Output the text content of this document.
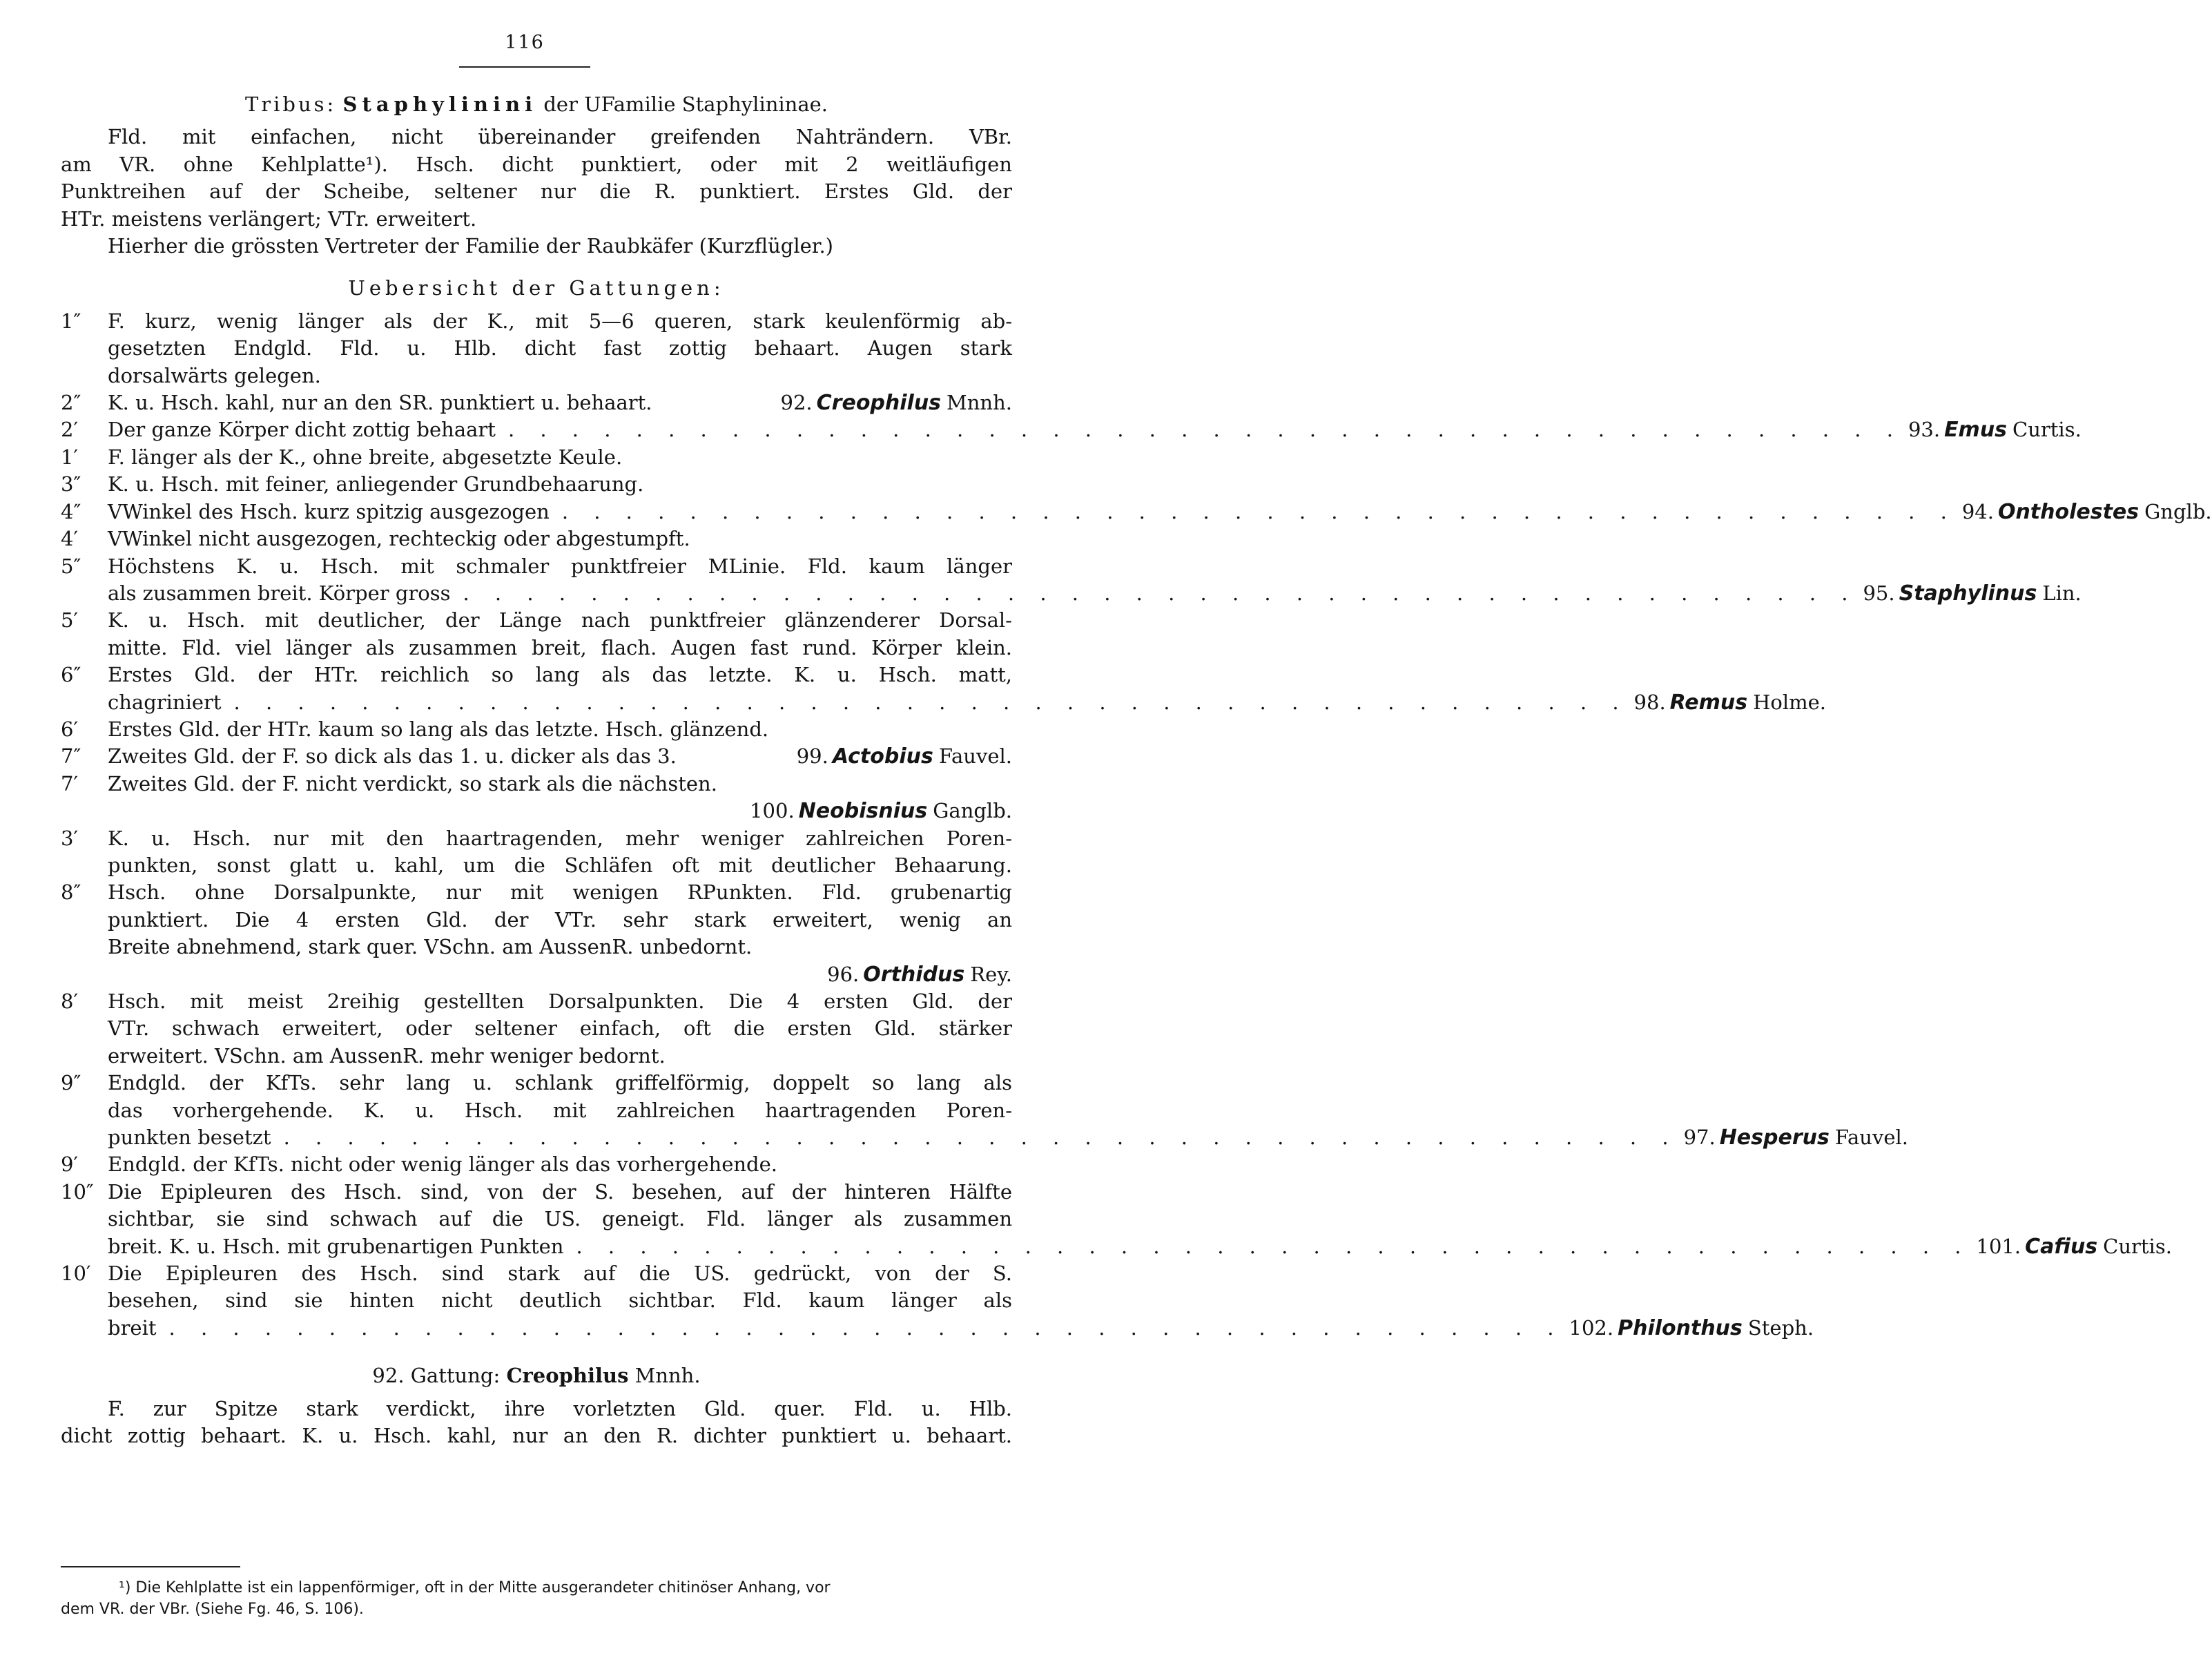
116
Tribus: Staphylinini der UFamilie Staphylininae.
Fld. mit einfachen, nicht übereinander greifenden Nahträndern. VBr.
am VR. ohne Kehlplatte¹). Hsch. dicht punktiert, oder mit 2 weitläufigen
Punktreihen auf der Scheibe, seltener nur die R. punktiert. Erstes Gld. der
HTr. meistens verlängert; VTr. erweitert.
Hierher die grössten Vertreter der Familie der Raubkäfer (Kurzflügler.)
Uebersicht der Gattungen:
1″ F. kurz, wenig länger als der K., mit 5—6 queren, stark keulenförmig ab-
gesetzten Endgld. Fld. u. Hlb. dicht fast zottig behaart. Augen stark
dorsalwärts gelegen.
2″ K. u. Hsch. kahl, nur an den SR. punktiert u. behaart.	92. Creophilus Mnnh.
2′ Der ganze Körper dicht zottig behaart . . . . . . . . . . . . . . . . . . . . . . . . . . . . . . . . . . . . . . . . . . . . 93. Emus Curtis.
1′ F. länger als der K., ohne breite, abgesetzte Keule.
3″ K. u. Hsch. mit feiner, anliegender Grundbehaarung.
4″ VWinkel des Hsch. kurz spitzig ausgezogen . . . . . . . . . . . . . . . . . . . . . . . . . . . . . . . . . . . . . . . . . . . . 94. Ontholestes Gnglb.
4′ VWinkel nicht ausgezogen, rechteckig oder abgestumpft.
5″ Höchstens K. u. Hsch. mit schmaler punktfreier MLinie. Fld. kaum länger
als zusammen breit. Körper gross . . . . . . . . . . . . . . . . . . . . . . . . . . . . . . . . . . . . . . . . . . . . 95. Staphylinus Lin.
5′ K. u. Hsch. mit deutlicher, der Länge nach punktfreier glänzenderer Dorsal-
mitte. Fld. viel länger als zusammen breit, flach. Augen fast rund. Körper klein.
6″ Erstes Gld. der HTr. reichlich so lang als das letzte. K. u. Hsch. matt,
chagriniert . . . . . . . . . . . . . . . . . . . . . . . . . . . . . . . . . . . . . . . . . . . . 98. Remus Holme.
6′ Erstes Gld. der HTr. kaum so lang als das letzte. Hsch. glänzend.
7″ Zweites Gld. der F. so dick als das 1. u. dicker als das 3.	99. Actobius Fauvel.
7′ Zweites Gld. der F. nicht verdickt, so stark als die nächsten.
100. Neobisnius Ganglb.
3′ K. u. Hsch. nur mit den haartragenden, mehr weniger zahlreichen Poren-
punkten, sonst glatt u. kahl, um die Schläfen oft mit deutlicher Behaarung.
8″ Hsch. ohne Dorsalpunkte, nur mit wenigen RPunkten. Fld. grubenartig
punktiert. Die 4 ersten Gld. der VTr. sehr stark erweitert, wenig an
Breite abnehmend, stark quer. VSchn. am AussenR. unbedornt.
96. Orthidus Rey.
8′ Hsch. mit meist 2reihig gestellten Dorsalpunkten. Die 4 ersten Gld. der
VTr. schwach erweitert, oder seltener einfach, oft die ersten Gld. stärker
erweitert. VSchn. am AussenR. mehr weniger bedornt.
9″ Endgld. der KfTs. sehr lang u. schlank griffelförmig, doppelt so lang als
das vorhergehende. K. u. Hsch. mit zahlreichen haartragenden Poren-
punkten besetzt . . . . . . . . . . . . . . . . . . . . . . . . . . . . . . . . . . . . . . . . . . . . 97. Hesperus Fauvel.
9′ Endgld. der KfTs. nicht oder wenig länger als das vorhergehende.
10″ Die Epipleuren des Hsch. sind, von der S. besehen, auf der hinteren Hälfte
sichtbar, sie sind schwach auf die US. geneigt. Fld. länger als zusammen
breit. K. u. Hsch. mit grubenartigen Punkten . . . . . . . . . . . . . . . . . . . . . . . . . . . . . . . . . . . . . . . . . . . . 101. Cafius Curtis.
10′ Die Epipleuren des Hsch. sind stark auf die US. gedrückt, von der S.
besehen, sind sie hinten nicht deutlich sichtbar. Fld. kaum länger als
breit . . . . . . . . . . . . . . . . . . . . . . . . . . . . . . . . . . . . . . . . . . . . 102. Philonthus Steph.
92. Gattung: Creophilus Mnnh.
F. zur Spitze stark verdickt, ihre vorletzten Gld. quer. Fld. u. Hlb.
dicht zottig behaart. K. u. Hsch. kahl, nur an den R. dichter punktiert u. behaart.
¹) Die Kehlplatte ist ein lappenförmiger, oft in der Mitte ausgerandeter chitinöser Anhang, vor
dem VR. der VBr. (Siehe Fg. 46, S. 106).
